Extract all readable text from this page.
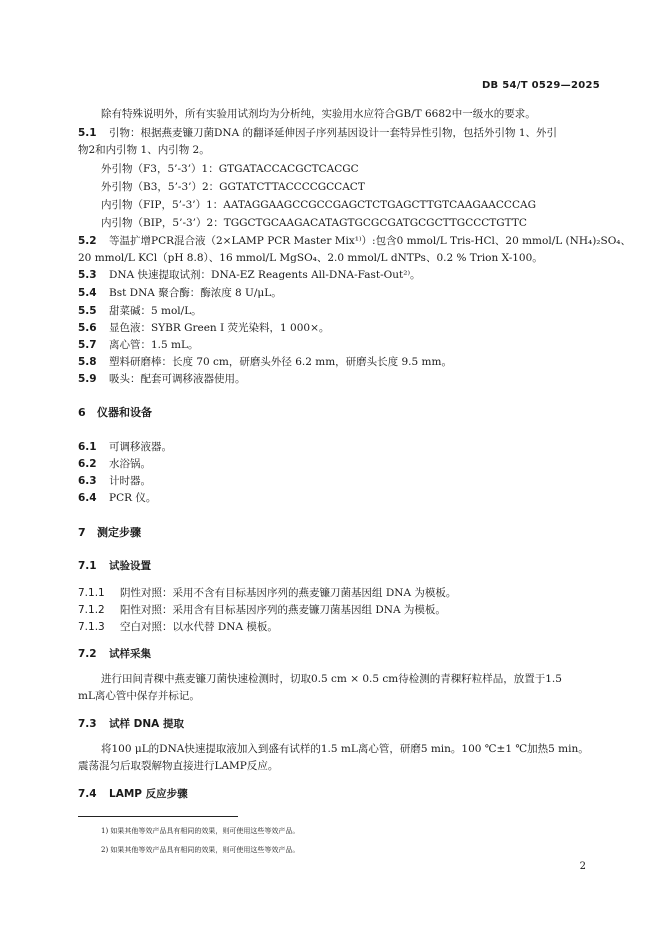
DB 54/T 0529—2025
除有特殊说明外，所有实验用试剂均为分析纯，实验用水应符合GB/T 6682中一级水的要求。
5.1 引物：根据燕麦镰刀菌DNA 的翻译延伸因子序列基因设计一套特异性引物，包括外引物 1、外引
物2和内引物 1、内引物 2。
外引物（F3，5’-3’）1：GTGATACCACGCTCACGC
外引物（B3，5’-3’）2：GGTATCTTACCCCGCCACT
内引物（FIP，5’-3’）1：AATAGGAAGCCGCCGAGCTCTGAGCTTGTCAAGAACCCAG
内引物（BIP，5’-3’）2：TGGCTGCAAGACATAGTGCGCGATGCGCTTGCCCTGTTC
5.2 等温扩增PCR混合液（2×LAMP PCR Master Mix¹⁾）:包含0 mmol/L Tris-HCl、20 mmol/L (NH₄)₂SO₄、
20 mmol/L KCl（pH 8.8）、16 mmol/L MgSO₄、2.0 mmol/L dNTPs、0.2 % Trion X-100。
5.3 DNA 快速提取试剂：DNA-EZ Reagents All-DNA-Fast-Out²⁾。
5.4 Bst DNA 聚合酶：酶浓度 8 U/μL。
5.5 甜菜碱：5 mol/L。
5.6 显色液：SYBR Green I 荧光染料，1 000×。
5.7 离心管：1.5 mL。
5.8 塑料研磨棒：长度 70 cm，研磨头外径 6.2 mm，研磨头长度 9.5 mm。
5.9 吸头：配套可调移液器使用。
6 仪器和设备
6.1 可调移液器。
6.2 水浴锅。
6.3 计时器。
6.4 PCR 仪。
7 测定步骤
7.1 试验设置
7.1.1 阴性对照：采用不含有目标基因序列的燕麦镰刀菌基因组 DNA 为模板。
7.1.2 阳性对照：采用含有目标基因序列的燕麦镰刀菌基因组 DNA 为模板。
7.1.3 空白对照：以水代替 DNA 模板。
7.2 试样采集
进行田间青稞中燕麦镰刀菌快速检测时，切取0.5 cm × 0.5 cm待检测的青稞籽粒样品，放置于1.5
mL离心管中保存并标记。
7.3 试样 DNA 提取
将100 μL的DNA快速提取液加入到盛有试样的1.5 mL离心管，研磨5 min。100 ℃±1 ℃加热5 min。
震荡混匀后取裂解物直接进行LAMP反应。
7.4 LAMP 反应步骤
1) 如果其他等效产品具有相同的效果，则可使用这些等效产品。
2) 如果其他等效产品具有相同的效果，则可使用这些等效产品。
2
